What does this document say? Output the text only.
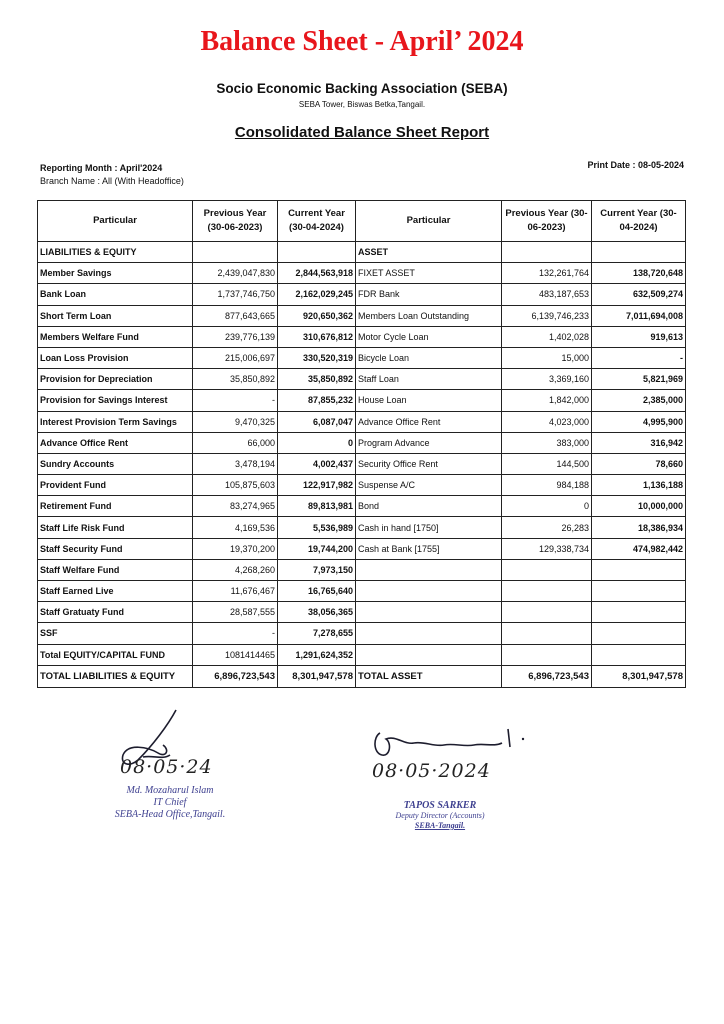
Balance Sheet - April’ 2024
Socio Economic Backing Association (SEBA)
SEBA Tower, Biswas Betka,Tangail.
Consolidated Balance Sheet Report
Reporting Month : April'2024
Branch Name : All (With Headoffice)
Print Date : 08-05-2024
Particular	Previous Year (30-06-2023)	Current Year (30-04-2024)	Particular	Previous Year (30-06-2023)	Current Year (30-04-2024)
LIABILITIES & EQUITY			ASSET		
Member Savings	2,439,047,830	2,844,563,918	FIXET ASSET	132,261,764	138,720,648
Bank Loan	1,737,746,750	2,162,029,245	FDR Bank	483,187,653	632,509,274
Short Term Loan	877,643,665	920,650,362	Members Loan Outstanding	6,139,746,233	7,011,694,008
Members Welfare Fund	239,776,139	310,676,812	Motor Cycle Loan	1,402,028	919,613
Loan Loss Provision	215,006,697	330,520,319	Bicycle Loan	15,000	-
Provision for Depreciation	35,850,892	35,850,892	Staff Loan	3,369,160	5,821,969
Provision for Savings Interest	-	87,855,232	House Loan	1,842,000	2,385,000
Interest Provision Term Savings	9,470,325	6,087,047	Advance Office Rent	4,023,000	4,995,900
Advance Office Rent	66,000	0	Program Advance	383,000	316,942
Sundry Accounts	3,478,194	4,002,437	Security Office Rent	144,500	78,660
Provident Fund	105,875,603	122,917,982	Suspense A/C	984,188	1,136,188
Retirement Fund	83,274,965	89,813,981	Bond	0	10,000,000
Staff Life Risk Fund	4,169,536	5,536,989	Cash in hand [1750]	26,283	18,386,934
Staff Security Fund	19,370,200	19,744,200	Cash at Bank [1755]	129,338,734	474,982,442
Staff Welfare Fund	4,268,260	7,973,150			
Staff Earned Live	11,676,467	16,765,640			
Staff Gratuaty Fund	28,587,555	38,056,365			
SSF	-	7,278,655			
Total EQUITY/CAPITAL FUND	1081414465	1,291,624,352			
TOTAL LIABILITIES & EQUITY	6,896,723,543	8,301,947,578	TOTAL ASSET	6,896,723,543	8,301,947,578
08·05·24
Md. Mozaharul Islam
IT Chief
SEBA-Head Office,Tangail.
08·05·2024
TAPOS SARKER
Deputy Director (Accounts)
SEBA-Tangail.
